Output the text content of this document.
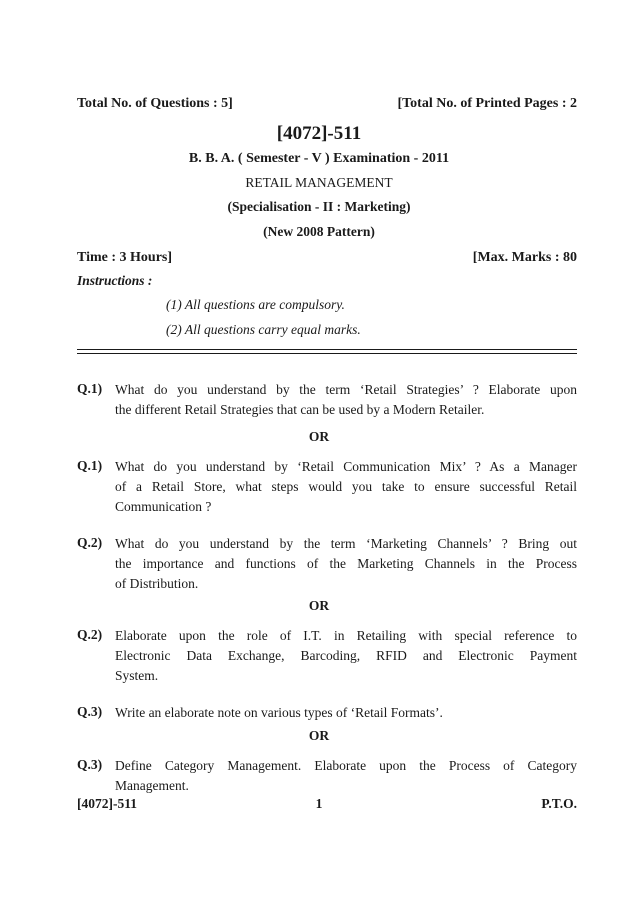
Total No. of Questions : 5]	[Total No. of Printed Pages : 2
[4072]-511
B. B. A. ( Semester - V ) Examination - 2011
RETAIL MANAGEMENT
(Specialisation - II : Marketing)
(New 2008 Pattern)
Time : 3 Hours]	[Max. Marks : 80
Instructions :
(1) All questions are compulsory.
(2) All questions carry equal marks.
Q.1) What do you understand by the term ‘Retail Strategies’ ? Elaborate upon
the different Retail Strategies that can be used by a Modern Retailer.
OR
Q.1) What do you understand by ‘Retail Communication Mix’ ? As a Manager
of a Retail Store, what steps would you take to ensure successful Retail
Communication ?
Q.2) What do you understand by the term ‘Marketing Channels’ ? Bring out
the importance and functions of the Marketing Channels in the Process
of Distribution.
OR
Q.2) Elaborate upon the role of I.T. in Retailing with special reference to
Electronic Data Exchange, Barcoding, RFID and Electronic Payment
System.
Q.3) Write an elaborate note on various types of ‘Retail Formats’.
OR
Q.3) Define Category Management. Elaborate upon the Process of Category
Management.
[4072]-511	1	P.T.O.
